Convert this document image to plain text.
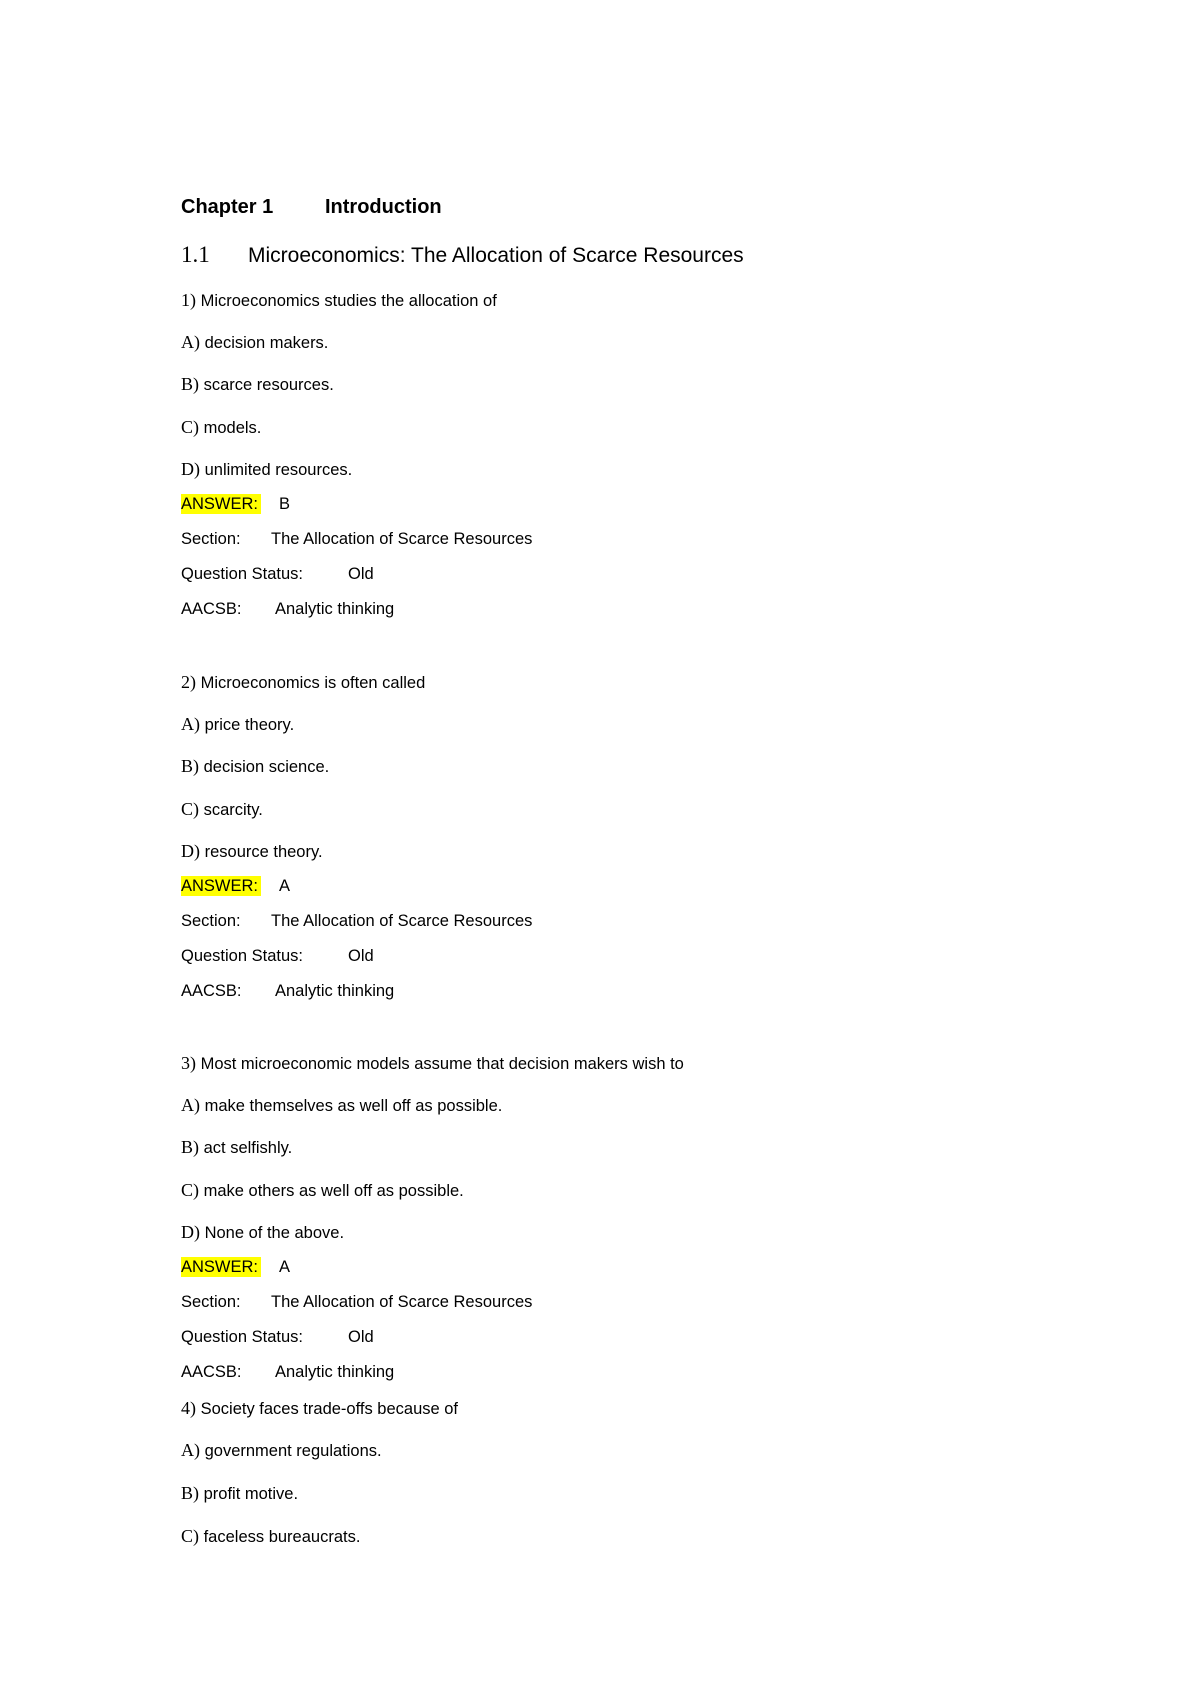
Chapter 1	Introduction
1.1 Microeconomics: The Allocation of Scarce Resources
1) Microeconomics studies the allocation of
A) decision makers.
B) scarce resources.
C) models.
D) unlimited resources.
ANSWER: B
Section: The Allocation of Scarce Resources
Question Status:	Old
AACSB: Analytic thinking
2) Microeconomics is often called
A) price theory.
B) decision science.
C) scarcity.
D) resource theory.
ANSWER: A
Section: The Allocation of Scarce Resources
Question Status:	Old
AACSB: Analytic thinking
3) Most microeconomic models assume that decision makers wish to
A) make themselves as well off as possible.
B) act selfishly.
C) make others as well off as possible.
D) None of the above.
ANSWER: A
Section: The Allocation of Scarce Resources
Question Status:	Old
AACSB: Analytic thinking
4) Society faces trade-offs because of
A) government regulations.
B) profit motive.
C) faceless bureaucrats.
